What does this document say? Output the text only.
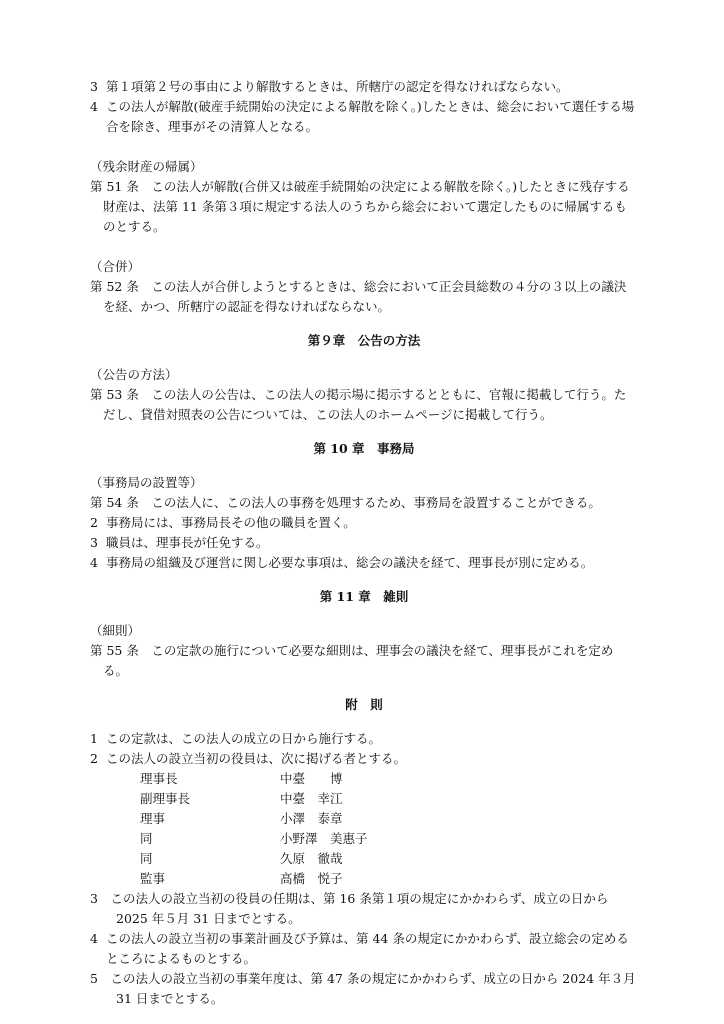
3 第１項第２号の事由により解散するときは、所轄庁の認定を得なければならない。

4 この法人が解散(破産手続開始の決定による解散を除く。)したときは、総会において選任する場合を除き、理事がその清算人となる。

（残余財産の帰属）

第 51 条　 この法人が解散(合併又は破産手続開始の決定による解散を除く。)したときに残存する財産は、法第 11 条第３項に規定する法人のうちから総会において選定したものに帰属するものとする。

（合併）

第 52 条　 この法人が合併しようとするときは、総会において正会員総数の４分の３以上の議決を経、かつ、所轄庁の認証を得なければならない。

第９章　公告の方法

（公告の方法）

第 53 条　 この法人の公告は、この法人の掲示場に掲示するとともに、官報に掲載して行う。ただし、貸借対照表の公告については、この法人のホームページに掲載して行う。

第 10 章　事務局

（事務局の設置等）

第 54 条　 この法人に、この法人の事務を処理するため、事務局を設置することができる。

2 事務局には、事務局長その他の職員を置く。

3 職員は、理事長が任免する。

4 事務局の組織及び運営に関し必要な事項は、総会の議決を経て、理事長が別に定める。

第 11 章　雑則

（細則）

第 55 条　 この定款の施行について必要な細則は、理事会の議決を経て、理事長がこれを定める。

附　則

1 この定款は、この法人の成立の日から施行する。

2 この法人の設立当初の役員は、次に掲げる者とする。

理事長	中臺　　博
副理事長	中臺　幸江
理事	小澤　泰章
同	小野澤　美惠子
同	久原　徹哉
監事	高橋　悦子

3　 この法人の設立当初の役員の任期は、第 16 条第１項の規定にかかわらず、成立の日から 2025 年５月 31 日までとする。

4 この法人の設立当初の事業計画及び予算は、第 44 条の規定にかかわらず、設立総会の定めるところによるものとする。

5　 この法人の設立当初の事業年度は、第 47 条の規定にかかわらず、成立の日から 2024 年３月 31 日までとする。
